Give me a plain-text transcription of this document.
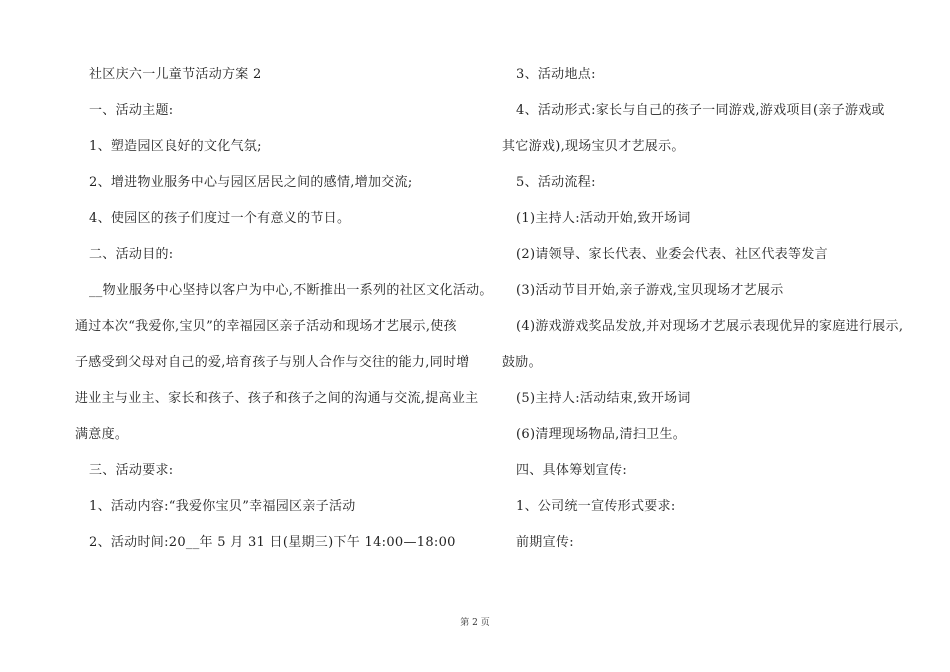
社区庆六一儿童节活动方案 2
一、活动主题:
1、塑造园区良好的文化气氛;
2、增进物业服务中心与园区居民之间的感情,增加交流;
4、使园区的孩子们度过一个有意义的节日。
二、活动目的:
__物业服务中心坚持以客户为中心,不断推出一系列的社区文化活动。
通过本次“我爱你,宝贝”的幸福园区亲子活动和现场才艺展示,使孩
子感受到父母对自己的爱,培育孩子与别人合作与交往的能力,同时增
进业主与业主、家长和孩子、孩子和孩子之间的沟通与交流,提高业主
满意度。
三、活动要求:
1、活动内容:“我爱你宝贝”幸福园区亲子活动
2、活动时间:20__年 5 月 31 日(星期三)下午 14:00—18:00
3、活动地点:
4、活动形式:家长与自己的孩子一同游戏,游戏项目(亲子游戏或
其它游戏),现场宝贝才艺展示。
5、活动流程:
(1)主持人:活动开始,致开场词
(2)请领导、家长代表、业委会代表、社区代表等发言
(3)活动节目开始,亲子游戏,宝贝现场才艺展示
(4)游戏游戏奖品发放,并对现场才艺展示表现优异的家庭进行展示,
鼓励。
(5)主持人:活动结束,致开场词
(6)清理现场物品,清扫卫生。
四、具体筹划宣传:
1、公司统一宣传形式要求:
前期宣传:
第 2 页
